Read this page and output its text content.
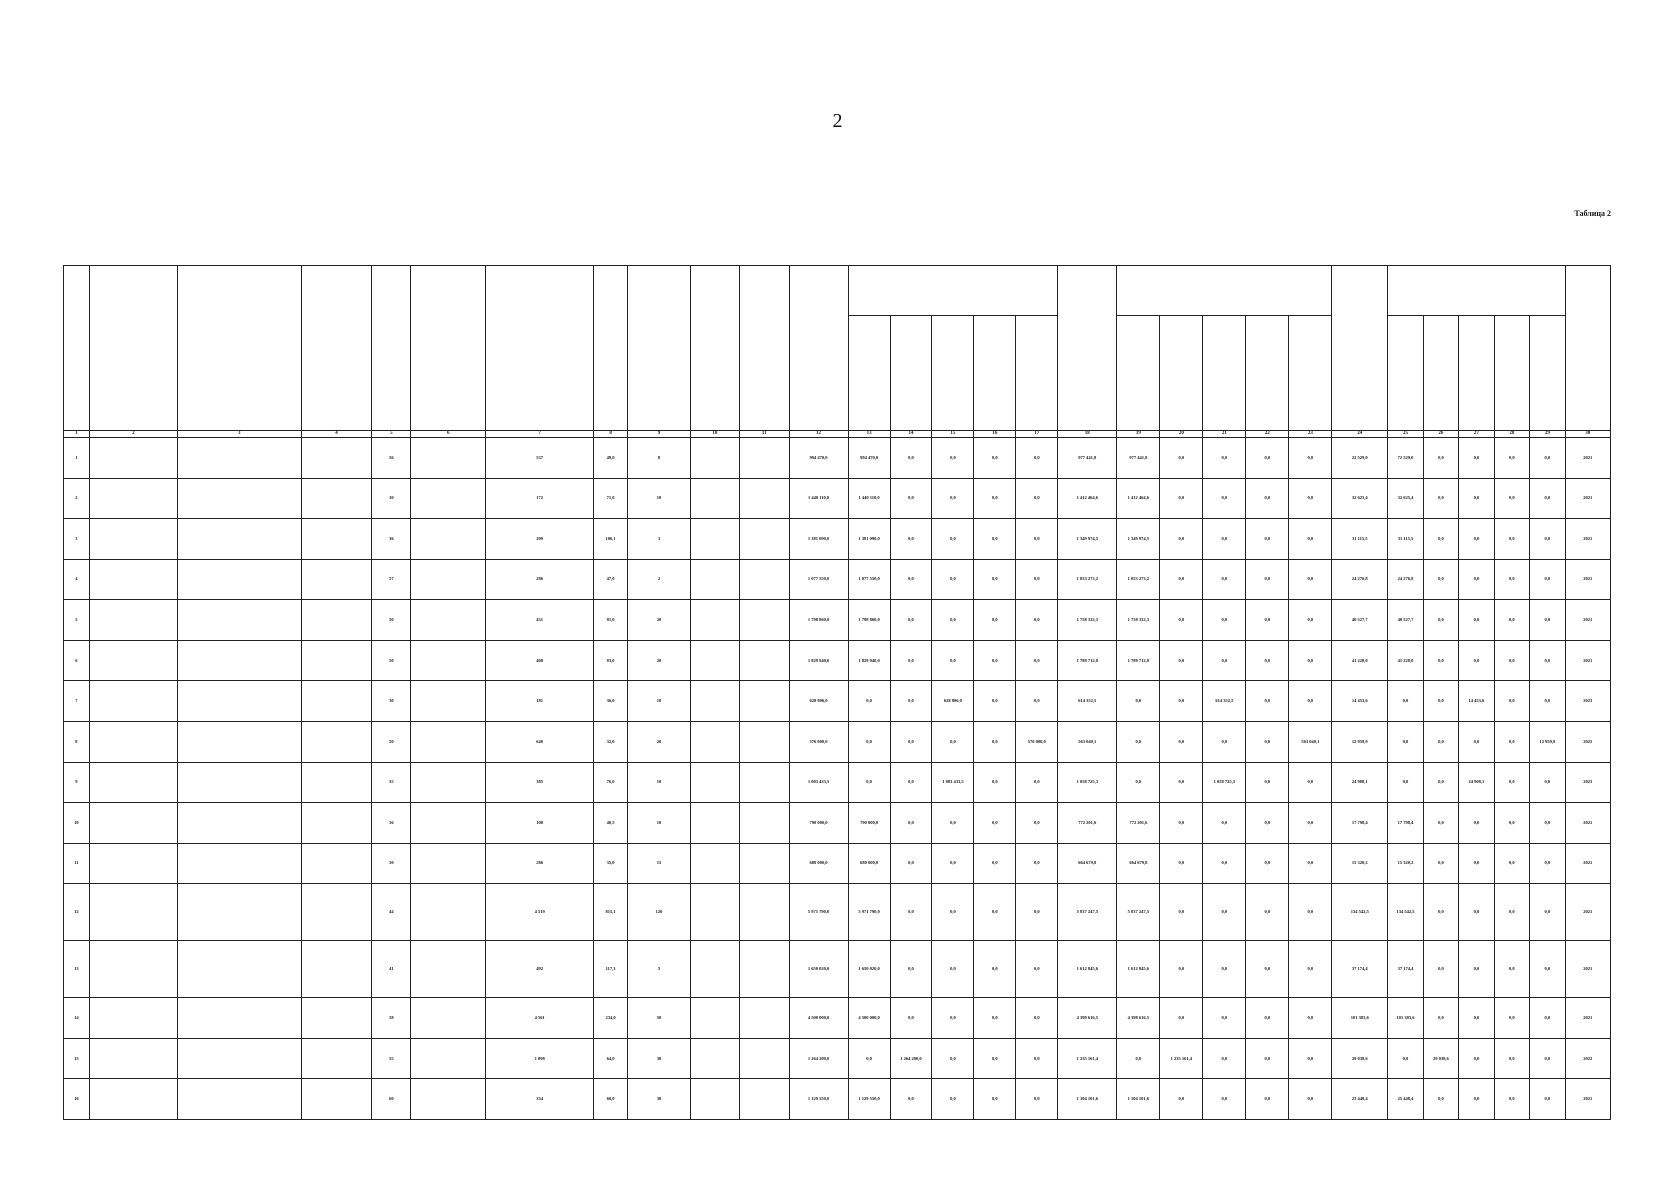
2
Таблица 2

1	2	3	4	5	6	7	8	9	10	11	12	13	14	15	16	17	18	19	20	21	22	23	24	25	26	27	28	29	30
1				56		537	49,0	8			994 470,0	994 470,0	0,0	0,0	0,0	0,0	977 441,8	977 441,8	0,0	0,0	0,0	0,0	22 529,0	72 529,0	0,0	0,0	0,0	0,0	2021
2				30		172	71,0	10			1 440 110,0	1 440 110,0	0,0	0,0	0,0	0,0	1 412 464,6	1 412 464,6	0,0	0,0	0,0	0,0	32 625,4	32 625,4	0,0	0,0	0,0	0,0	2021
3				36		209	106,1	3			1 381 090,0	1 381 090,0	0,0	0,0	0,0	0,0	1 349 974,5	1 349 974,5	0,0	0,0	0,0	0,0	31 115,5	31 115,5	0,0	0,0	0,0	0,0	2021
4				57		286	47,0	2			1 077 550,0	1 077 550,0	0,0	0,0	0,0	0,0	1 053 273,2	1 053 273,2	0,0	0,0	0,0	0,0	24 276,8	24 276,8	0,0	0,0	0,0	0,0	2021
5				50		431	81,0	20			1 798 860,0	1 798 860,0	0,0	0,0	0,0	0,0	1 758 332,3	1 758 332,3	0,0	0,0	0,0	0,0	40 527,7	40 527,7	0,0	0,0	0,0	0,0	2021
6				50		400	83,0	20			1 829 940,0	1 829 940,0	0,0	0,0	0,0	0,0	1 788 712,0	1 788 712,0	0,0	0,0	0,0	0,0	41 228,0	41 228,0	0,0	0,0	0,0	0,0	2021
7				30		181	36,0	10			628 806,0	0,0	0,0	628 806,0	0,0	0,0	614 352,5	0,0	0,0	614 352,5	0,0	0,0	14 453,6	0,0	0,0	14 453,6	0,0	0,0	2023
8				50		640	32,0	20			576 000,0	0,0	0,0	0,0	0,0	576 000,0	563 040,1	0,0	0,0	0,0	0,0	563 040,1	12 959,9	0,0	0,0	0,0	0,0	12 959,9	2025
9				55		385	76,0	10			1 083 433,5	0,0	0,0	1 083 433,5	0,0	0,0	1 058 725,3	0,0	0,0	1 058 725,3	0,0	0,0	24 908,1	0,0	0,0	24 908,1	0,0	0,0	2023
10				56		100	40,5	10			790 000,0	790 000,0	0,0	0,0	0,0	0,0	772 201,6	772 201,6	0,0	0,0	0,0	0,0	17 798,4	17 798,4	0,0	0,0	0,0	0,0	2021
11				50		286	35,0	15			680 000,0	680 000,0	0,0	0,0	0,0	0,0	664 679,8	664 679,8	0,0	0,0	0,0	0,0	15 320,2	15 320,2	0,0	0,0	0,0	0,0	2021
12				44		4 519	815,1	120			5 971 790,0	5 971 790,0	0,0	0,0	0,0	0,0	5 837 247,5	5 837 247,5	0,0	0,0	0,0	0,0	134 542,5	134 542,5	0,0	0,0	0,0	0,0	2021
13				41		492	117,3	5			1 650 020,0	1 650 020,0	0,0	0,0	0,0	0,0	1 612 845,6	1 612 845,6	0,0	0,0	0,0	0,0	37 174,4	37 174,4	0,0	0,0	0,0	0,0	2021
14				58		4 561	234,0	50			4 500 000,0	4 500 000,0	0,0	0,0	0,0	0,0	4 398 616,5	4 398 616,5	0,0	0,0	0,0	0,0	101 383,6	101 383,6	0,0	0,0	0,0	0,0	2021
15				55		1 098	64,0	30			1 264 200,0	0,0	1 264 200,0	0,0	0,0	0,0	1 235 161,4	0,0	1 235 161,4	0,0	0,0	0,0	29 038,6	0,0	29 038,6	0,0	0,0	0,0	2022
16				60		334	60,0	30			1 129 550,0	1 129 550,0	0,0	0,0	0,0	0,0	1 104 101,6	1 104 101,6	0,0	0,0	0,0	0,0	25 448,4	25 448,4	0,0	0,0	0,0	0,0	2021
